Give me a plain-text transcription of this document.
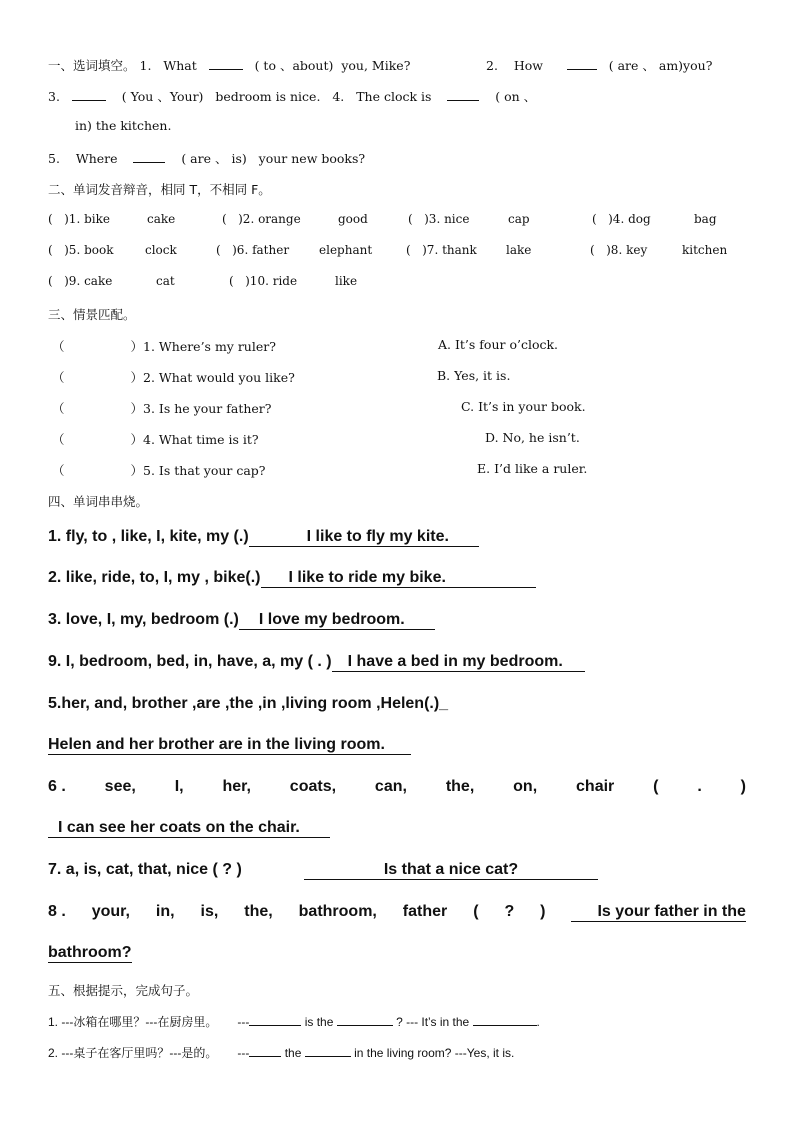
一、选词填空。 1. What	( to 、about) you, Mike?	2. How	( are 、 am)you?
3.	( You 、Your) bedroom is nice. 4. The clock is	( on 、
in) the kitchen.
5. Where	( are 、 is) your new books?
二、单词发音辩音，相同 T，不相同 F。
(   )1. bike	cake	(   )2. orange	good	(   )3. nice	cap	(   )4. dog	bag
(   )5. book	clock	(   )6. father elephant	(   )7. thank lake	(   )8. key	kitchen
(   )9. cake	cat	(   )10. ride	like
三、情景匹配。
（	）1. Where’s my ruler?	A. It’s four o’clock.
（	）2. What would you like?	B. Yes, it is.
（	）3. Is he your father?	C. It’s in your book.
（	）4. What time is it?	D. No, he isn’t.
（	）5. Is that your cap?	E. I’d like a ruler.
四、单词串串烧。
1. fly, to , like, I, kite, my (.)	I like to fly my kite.
2. like, ride, to, I, my , bike(.) I like to ride my bike.
3. love, I, my, bedroom (.) I love my bedroom.
9. I, bedroom, bed, in, have, a, my ( . ) I have a bed in my bedroom.
5.her, and, brother ,are ,the ,in ,living room ,Helen(.)_
Helen and her brother are in the living room.
6 . see, I, her, coats, can, the, on, chair ( . )
I can see her coats on the chair.
7. a, is, cat, that, nice ( ? )	Is that a nice cat?
8 . your, in, is, the, bathroom, father ( ? )	Is your father in the
bathroom?
五、根据提示，完成句子。
1. ---冰箱在哪里？---在厨房里。 ---	is the	? --- It’s in the	.
2. ---桌子在客厅里吗？---是的。 ---	the	in the living room? ---Yes, it is.
